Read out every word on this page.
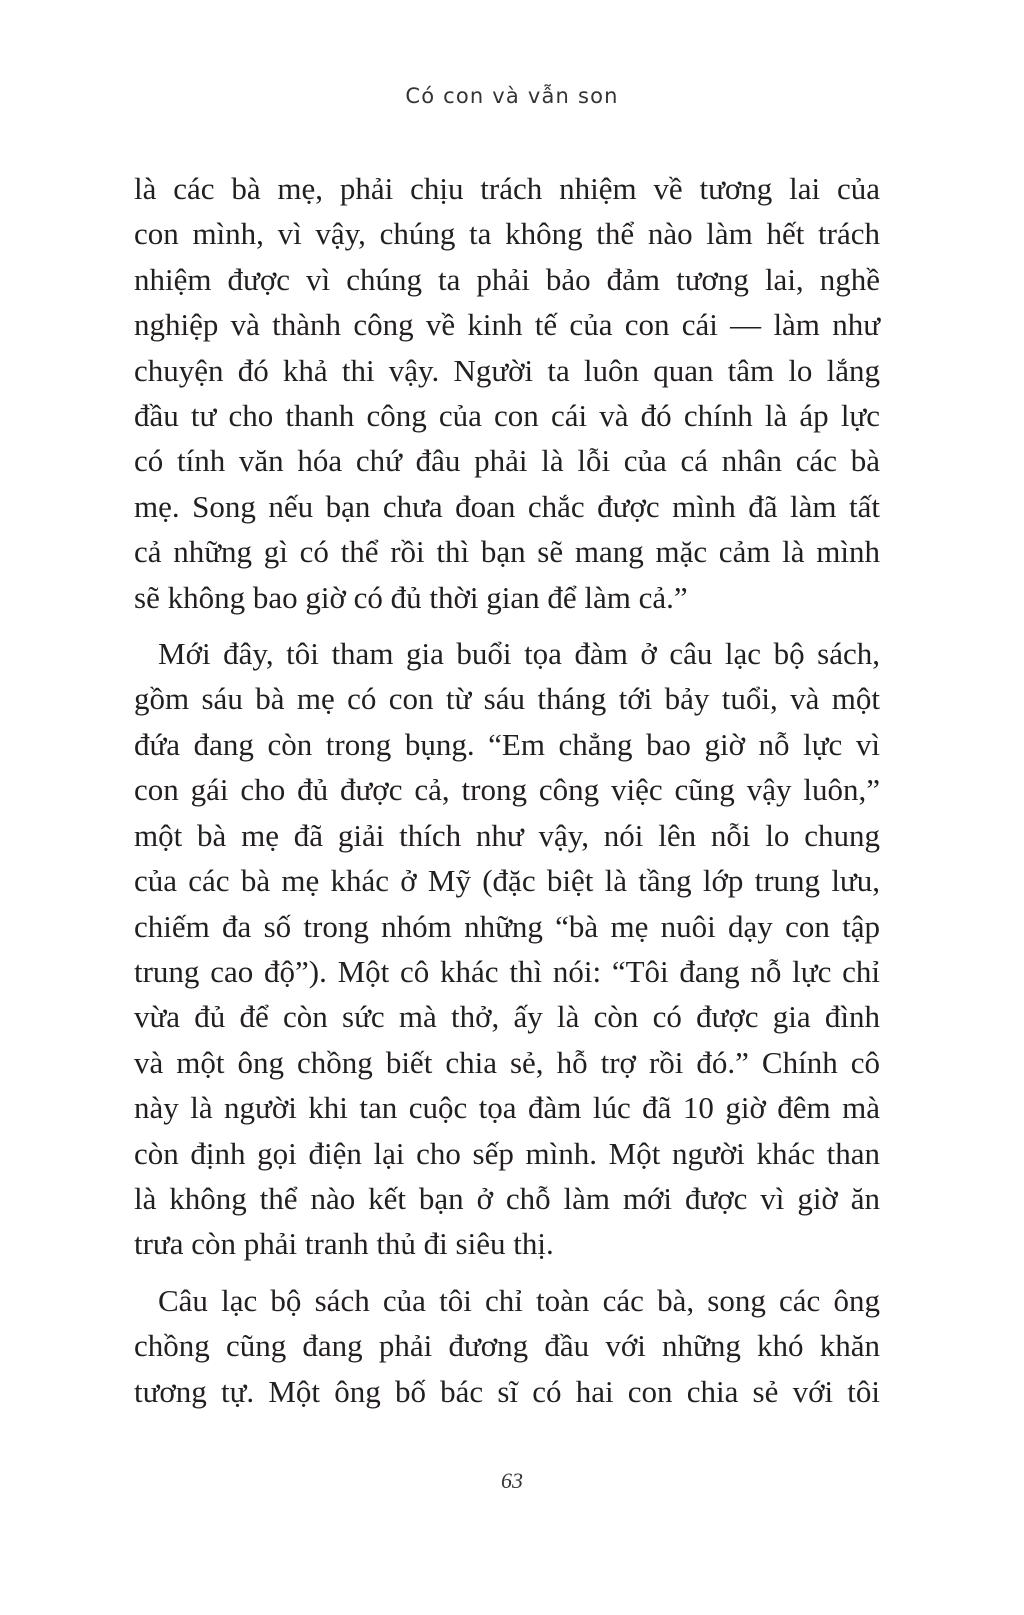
Có con và vẫn son

là các bà mẹ, phải chịu trách nhiệm về tương lai của
con mình, vì vậy, chúng ta không thể nào làm hết trách
nhiệm được vì chúng ta phải bảo đảm tương lai, nghề
nghiệp và thành công về kinh tế của con cái — làm như
chuyện đó khả thi vậy. Người ta luôn quan tâm lo lắng
đầu tư cho thanh công của con cái và đó chính là áp lực
có tính văn hóa chứ đâu phải là lỗi của cá nhân các bà
mẹ. Song nếu bạn chưa đoan chắc được mình đã làm tất
cả những gì có thể rồi thì bạn sẽ mang mặc cảm là mình
sẽ không bao giờ có đủ thời gian để làm cả.”

Mới đây, tôi tham gia buổi tọa đàm ở câu lạc bộ sách,
gồm sáu bà mẹ có con từ sáu tháng tới bảy tuổi, và một
đứa đang còn trong bụng. “Em chẳng bao giờ nỗ lực vì
con gái cho đủ được cả, trong công việc cũng vậy luôn,”
một bà mẹ đã giải thích như vậy, nói lên nỗi lo chung
của các bà mẹ khác ở Mỹ (đặc biệt là tầng lớp trung lưu,
chiếm đa số trong nhóm những “bà mẹ nuôi dạy con tập
trung cao độ”). Một cô khác thì nói: “Tôi đang nỗ lực chỉ
vừa đủ để còn sức mà thở, ấy là còn có được gia đình
và một ông chồng biết chia sẻ, hỗ trợ rồi đó.” Chính cô
này là người khi tan cuộc tọa đàm lúc đã 10 giờ đêm mà
còn định gọi điện lại cho sếp mình. Một người khác than
là không thể nào kết bạn ở chỗ làm mới được vì giờ ăn
trưa còn phải tranh thủ đi siêu thị.

Câu lạc bộ sách của tôi chỉ toàn các bà, song các ông
chồng cũng đang phải đương đầu với những khó khăn
tương tự. Một ông bố bác sĩ có hai con chia sẻ với tôi

63
